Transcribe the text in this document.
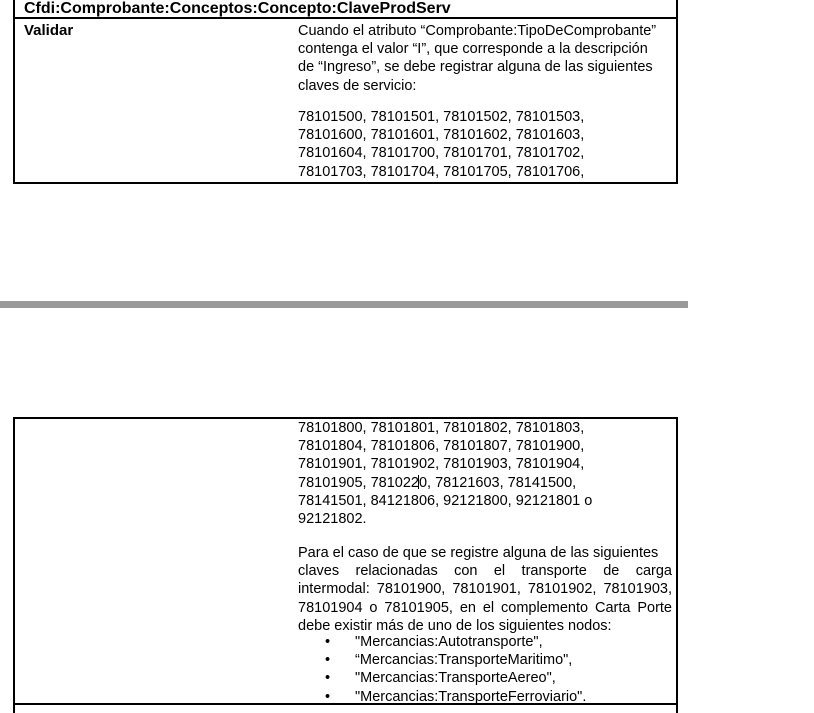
Cfdi:Comprobante:Conceptos:Concepto:ClaveProdServ
Validar	Cuando el atributo “Comprobante:TipoDeComprobante”
contenga el valor “I”, que corresponde a la descripción
de “Ingreso”, se debe registrar alguna de las siguientes
claves de servicio:
78101500, 78101501, 78101502, 78101503,
78101600, 78101601, 78101602, 78101603,
78101604, 78101700, 78101701, 78101702,
78101703, 78101704, 78101705, 78101706,
78101800, 78101801, 78101802, 78101803,
78101804, 78101806, 78101807, 78101900,
78101901, 78101902, 78101903, 78101904,
78101905, 7810220, 78121603, 78141500,
78141501, 84121806, 92121800, 92121801 o
92121802.
Para el caso de que se registre alguna de las siguientes
claves relacionadas con el transporte de carga
intermodal: 78101900, 78101901, 78101902, 78101903,
78101904 o 78101905, en el complemento Carta Porte
debe existir más de uno de los siguientes nodos:
• "Mercancias:Autotransporte",
• “Mercancias:TransporteMaritimo",
• "Mercancias:TransporteAereo",
• "Mercancias:TransporteFerroviario".
